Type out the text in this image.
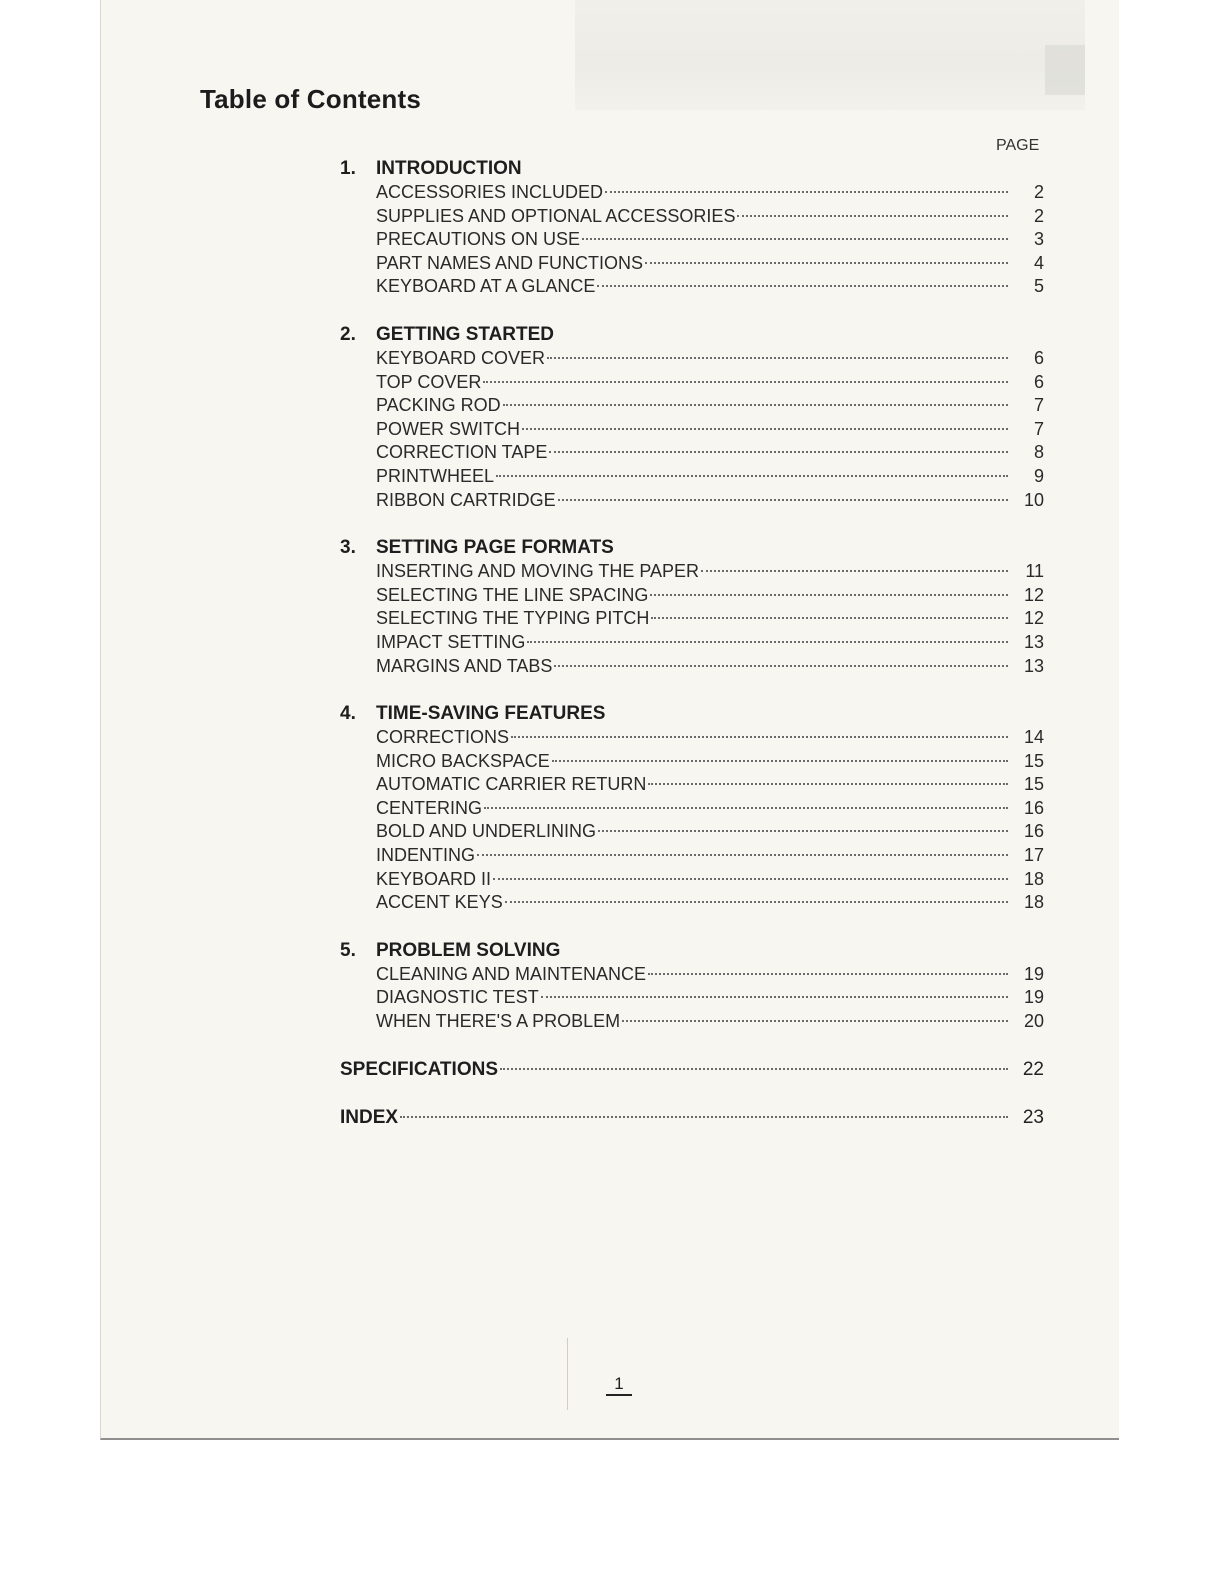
Table of Contents
PAGE
1.	INTRODUCTION
ACCESSORIES INCLUDED	2
SUPPLIES AND OPTIONAL ACCESSORIES	2
PRECAUTIONS ON USE	3
PART NAMES AND FUNCTIONS	4
KEYBOARD AT A GLANCE	5
2.	GETTING STARTED
KEYBOARD COVER	6
TOP COVER	6
PACKING ROD	7
POWER SWITCH	7
CORRECTION TAPE	8
PRINTWHEEL	9
RIBBON CARTRIDGE	10
3.	SETTING PAGE FORMATS
INSERTING AND MOVING THE PAPER	11
SELECTING THE LINE SPACING	12
SELECTING THE TYPING PITCH	12
IMPACT SETTING	13
MARGINS AND TABS	13
4.	TIME-SAVING FEATURES
CORRECTIONS	14
MICRO BACKSPACE	15
AUTOMATIC CARRIER RETURN	15
CENTERING	16
BOLD AND UNDERLINING	16
INDENTING	17
KEYBOARD II	18
ACCENT KEYS	18
5.	PROBLEM SOLVING
CLEANING AND MAINTENANCE	19
DIAGNOSTIC TEST	19
WHEN THERE'S A PROBLEM	20
SPECIFICATIONS	22
INDEX	23
1
